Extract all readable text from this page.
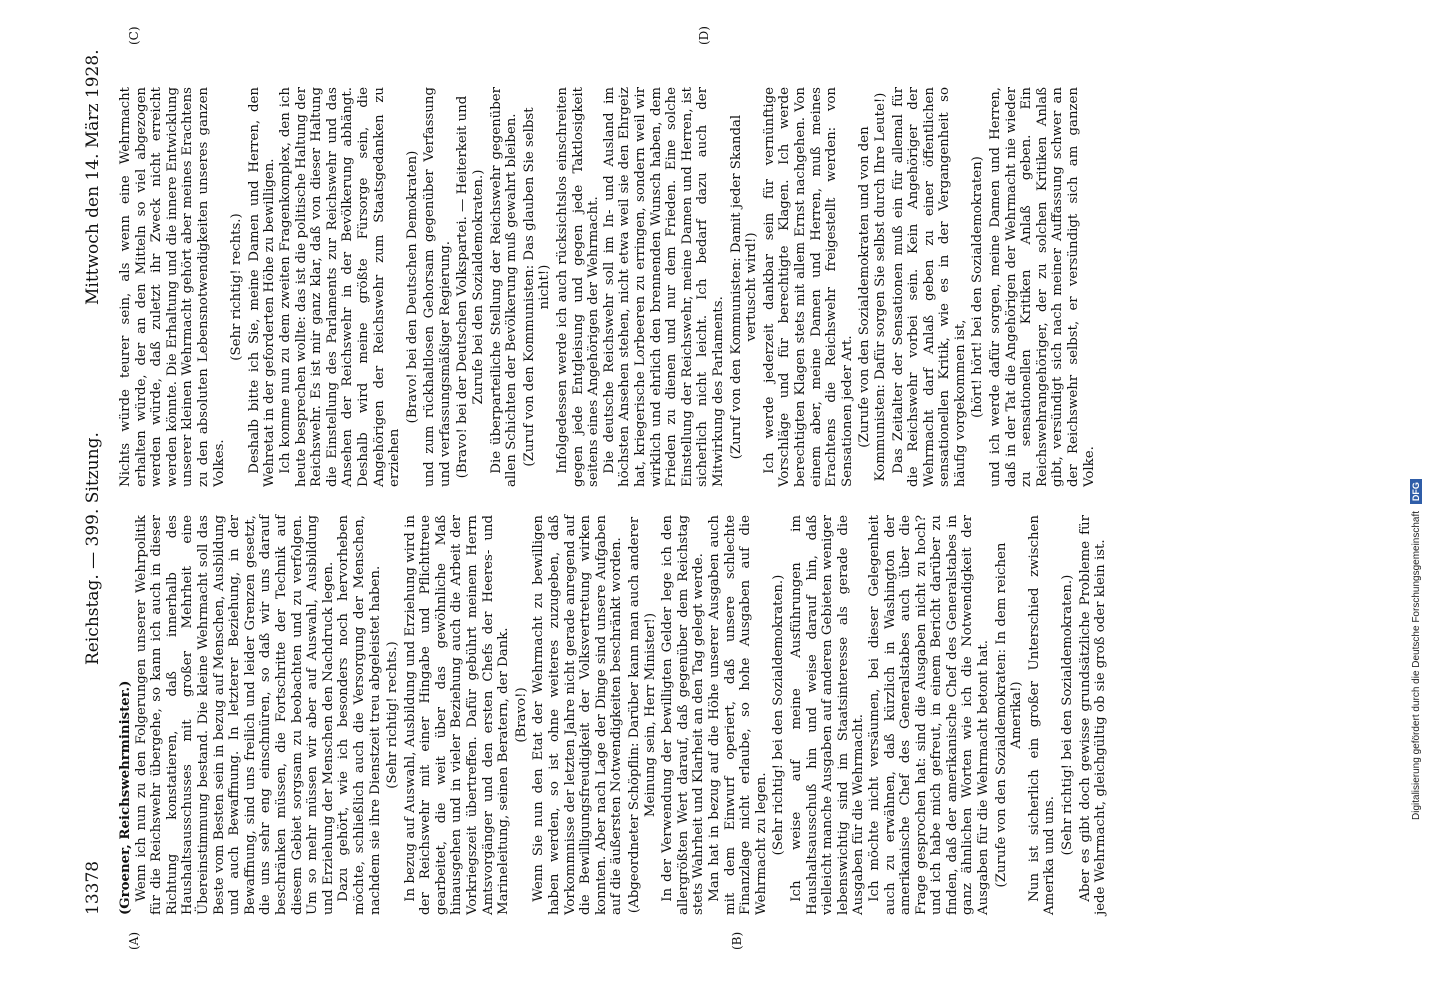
13378
Reichstag. — 399. Sitzung.
Mittwoch den 14. März 1928.
(A)	(B)
(C)	(D)

(Groener, Reichswehrminister.) Wenn ich nun zu den Folgerungen unserer Wehrpolitik für die Reichswehr übergehe, so kann ich auch in dieser Richtung konstatieren, daß innerhalb des Haushaltsausschusses mit großer Mehrheit eine Übereinstimmung bestand. Die kleine Wehrmacht soll das Beste vom Besten sein in bezug auf Menschen, Ausbildung und auch Bewaffnung. In letzterer Beziehung, in der Bewaffnung, sind uns freilich und leider Grenzen gesetzt, die uns sehr eng einschnüren, so daß wir uns darauf beschränken müssen, die Fortschritte der Technik auf diesem Gebiet sorgsam zu beobachten und zu verfolgen. Um so mehr müssen wir aber auf Auswahl, Ausbildung und Erziehung der Menschen den Nachdruck legen. Dazu gehört, wie ich besonders noch hervorheben möchte, schließlich auch die Versorgung der Menschen, nachdem sie ihre Dienstzeit treu abgeleistet haben. (Sehr richtig! rechts.) In bezug auf Auswahl, Ausbildung und Erziehung wird in der Reichswehr mit einer Hingabe und Pflichttreue gearbeitet, die weit über das gewöhnliche Maß hinausgehen und in vieler Beziehung auch die Arbeit der Vorkriegszeit übertreffen. Dafür gebührt meinem Herrn Amtsvorgänger und den ersten Chefs der Heeres- und Marineleitung, seinen Beratern, der Dank. (Bravo!) Wenn Sie nun den Etat der Wehrmacht zu bewilligen haben werden, so ist ohne weiteres zuzugeben, daß Vorkommnisse der letzten Jahre nicht gerade anregend auf die Bewilligungsfreudigkeit der Volksvertretung wirken konnten. Aber nach Lage der Dinge sind unsere Aufgaben auf die äußersten Notwendigkeiten beschränkt worden. (Abgeordneter Schöpflin: Darüber kann man auch anderer Meinung sein, Herr Minister!) In der Verwendung der bewilligten Gelder lege ich den allergrößten Wert darauf, daß gegenüber dem Reichstag stets Wahrheit und Klarheit an den Tag gelegt werde. Man hat in bezug auf die Höhe unserer Ausgaben auch mit dem Einwurf operiert, daß unsere schlechte Finanzlage nicht erlaube, so hohe Ausgaben auf die Wehrmacht zu legen. (Sehr richtig! bei den Sozialdemokraten.) Ich weise auf meine Ausführungen im Haushaltsausschuß hin und weise darauf hin, daß vielleicht manche Ausgaben auf anderen Gebieten weniger lebenswichtig sind im Staatsinteresse als gerade die Ausgaben für die Wehrmacht. Ich möchte nicht versäumen, bei dieser Gelegenheit auch zu erwähnen, daß kürzlich in Washington der amerikanische Chef des Generalstabes auch über die Frage gesprochen hat: sind die Ausgaben nicht zu hoch? und ich habe mich gefreut, in einem Bericht darüber zu finden, daß der amerikanische Chef des Generalstabes in ganz ähnlichen Worten wie ich die Notwendigkeit der Ausgaben für die Wehrmacht betont hat. (Zurufe von den Sozialdemokraten: In dem reichen Amerika!) Nun ist sicherlich ein großer Unterschied zwischen Amerika und uns.

(Sehr richtig! bei den Sozialdemokraten.) Aber es gibt doch gewisse grundsätzliche Probleme für jede Wehrmacht, gleichgültig ob sie groß oder klein ist.

Nichts würde teurer sein, als wenn eine Wehrmacht erhalten würde, der an den Mitteln so viel abgezogen werden würde, daß zuletzt ihr Zweck nicht erreicht werden könnte. Die Erhaltung und die innere Entwicklung unserer kleinen Wehrmacht gehört aber meines Erachtens zu den absoluten Lebensnotwendigkeiten unseres ganzen Volkes.

(Sehr richtig! rechts.) Deshalb bitte ich Sie, meine Damen und Herren, den Wehretat in der geforderten Höhe zu bewilligen. Ich komme nun zu dem zweiten Fragenkomplex, den ich heute besprechen wollte: das ist die politische Haltung der Reichswehr. Es ist mir ganz klar, daß von dieser Haltung die Einstellung des Parlaments zur Reichswehr und das Ansehen der Reichswehr in der Bevölkerung abhängt. Deshalb wird meine größte Fürsorge sein, die Angehörigen der Reichswehr zum Staatsgedanken zu erziehen

(Bravo! bei den Deutschen Demokraten) und zum rückhaltlosen Gehorsam gegenüber Verfassung und verfassungsmäßiger Regierung. (Bravo! bei der Deutschen Volkspartei. — Heiterkeit und Zurufe bei den Sozialdemokraten.) Die überparteiliche Stellung der Reichswehr gegenüber allen Schichten der Bevölkerung muß gewahrt bleiben. (Zuruf von den Kommunisten: Das glauben Sie selbst nicht!) Infolgedessen werde ich auch rücksichtslos einschreiten gegen jede Entgleisung und gegen jede Taktlosigkeit seitens eines Angehörigen der Wehrmacht. Die deutsche Reichswehr soll im In- und Ausland im höchsten Ansehen stehen, nicht etwa weil sie den Ehrgeiz hat, kriegerische Lorbeeren zu erringen, sondern weil wir wirklich und ehrlich den brennenden Wunsch haben, dem Frieden zu dienen und nur dem Frieden. Eine solche Einstellung der Reichswehr, meine Damen und Herren, ist sicherlich nicht leicht. Ich bedarf dazu auch der Mitwirkung des Parlaments. (Zuruf von den Kommunisten: Damit jeder Skandal vertuscht wird!) Ich werde jederzeit dankbar sein für vernünftige Vorschläge und für berechtigte Klagen. Ich werde berechtigten Klagen stets mit allem Ernst nachgehen. Von einem aber, meine Damen und Herren, muß meines Erachtens die Reichswehr freigestellt werden: von Sensationen jeder Art. (Zurufe von den Sozialdemokraten und von den Kommunisten: Dafür sorgen Sie selbst durch Ihre Leute!) Das Zeitalter der Sensationen muß ein für allemal für die Reichswehr vorbei sein. Kein Angehöriger der Wehrmacht darf Anlaß geben zu einer öffentlichen sensationellen Kritik, wie es in der Vergangenheit so häufig vorgekommen ist, (hört! hört! bei den Sozialdemokraten) und ich werde dafür sorgen, meine Damen und Herren, daß in der Tat die Angehörigen der Wehrmacht nie wieder zu sensationellen Kritiken Anlaß geben. Ein Reichswehrangehöriger, der zu solchen Kritiken Anlaß gibt, versündigt sich nach meiner Auffassung schwer an der Reichswehr selbst, er versündigt sich am ganzen Volke.

Digitalisierung gefördert durch die Deutsche Forschungsgemeinschaft DFG
